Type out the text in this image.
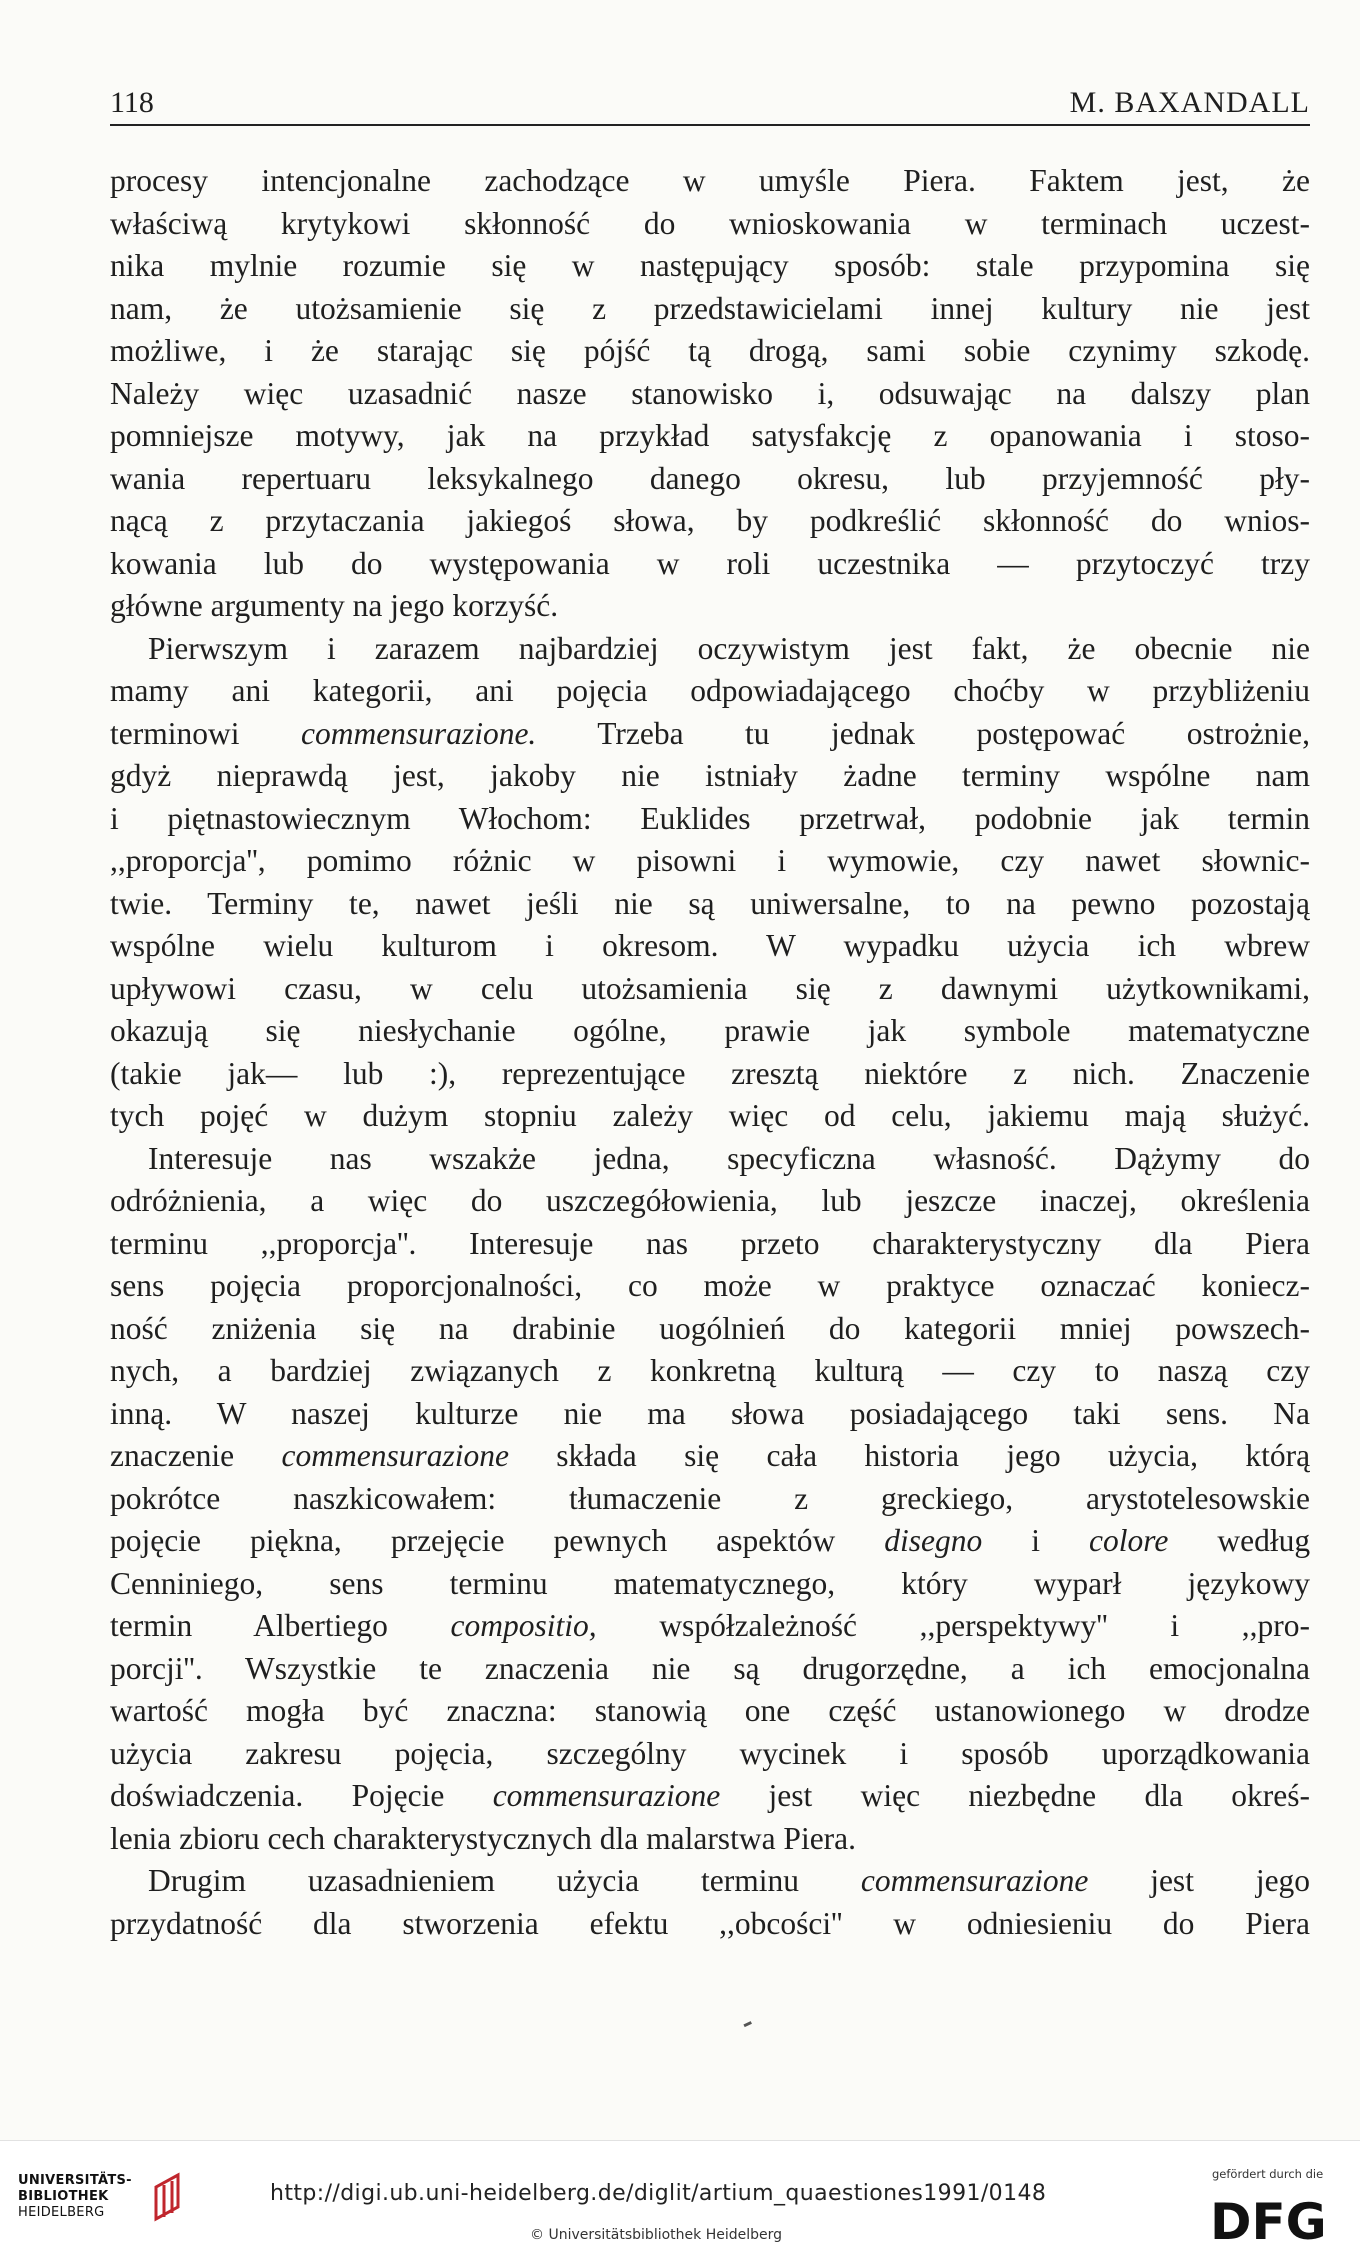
118	M. BAXANDALL
procesy intencjonalne zachodzące w umyśle Piera. Faktem jest, że
właściwą krytykowi skłonność do wnioskowania w terminach uczest-
nika mylnie rozumie się w następujący sposób: stale przypomina się
nam, że utożsamienie się z przedstawicielami innej kultury nie jest
możliwe, i że starając się pójść tą drogą, sami sobie czynimy szkodę.
Należy więc uzasadnić nasze stanowisko i, odsuwając na dalszy plan
pomniejsze motywy, jak na przykład satysfakcję z opanowania i stoso-
wania repertuaru leksykalnego danego okresu, lub przyjemność pły-
nącą z przytaczania jakiegoś słowa, by podkreślić skłonność do wnios-
kowania lub do występowania w roli uczestnika — przytoczyć trzy
główne argumenty na jego korzyść.
Pierwszym i zarazem najbardziej oczywistym jest fakt, że obecnie nie
mamy ani kategorii, ani pojęcia odpowiadającego choćby w przybliżeniu
terminowi commensurazione. Trzeba tu jednak postępować ostrożnie,
gdyż nieprawdą jest, jakoby nie istniały żadne terminy wspólne nam
i piętnastowiecznym Włochom: Euklides przetrwał, podobnie jak termin
,,proporcja'', pomimo różnic w pisowni i wymowie, czy nawet słownic-
twie. Terminy te, nawet jeśli nie są uniwersalne, to na pewno pozostają
wspólne wielu kulturom i okresom. W wypadku użycia ich wbrew
upływowi czasu, w celu utożsamienia się z dawnymi użytkownikami,
okazują się niesłychanie ogólne, prawie jak symbole matematyczne
(takie jak— lub :), reprezentujące zresztą niektóre z nich. Znaczenie
tych pojęć w dużym stopniu zależy więc od celu, jakiemu mają służyć.
Interesuje nas wszakże jedna, specyficzna własność. Dążymy do
odróżnienia, a więc do uszczegółowienia, lub jeszcze inaczej, określenia
terminu ,,proporcja''. Interesuje nas przeto charakterystyczny dla Piera
sens pojęcia proporcjonalności, co może w praktyce oznaczać koniecz-
ność zniżenia się na drabinie uogólnień do kategorii mniej powszech-
nych, a bardziej związanych z konkretną kulturą — czy to naszą czy
inną. W naszej kulturze nie ma słowa posiadającego taki sens. Na
znaczenie commensurazione składa się cała historia jego użycia, którą
pokrótce naszkicowałem: tłumaczenie z greckiego, arystotelesowskie
pojęcie piękna, przejęcie pewnych aspektów disegno i colore według
Cenniniego, sens terminu matematycznego, który wyparł językowy
termin Albertiego compositio, współzależność ,,perspektywy'' i ,,pro-
porcji''. Wszystkie te znaczenia nie są drugorzędne, a ich emocjonalna
wartość mogła być znaczna: stanowią one część ustanowionego w drodze
użycia zakresu pojęcia, szczególny wycinek i sposób uporządkowania
doświadczenia. Pojęcie commensurazione jest więc niezbędne dla okreś-
lenia zbioru cech charakterystycznych dla malarstwa Piera.
Drugim uzasadnieniem użycia terminu commensurazione jest jego
przydatność dla stworzenia efektu ,,obcości'' w odniesieniu do Piera
UNIVERSITÄTS-
BIBLIOTHEK
HEIDELBERG
http://digi.ub.uni-heidelberg.de/diglit/artium_quaestiones1991/0148
© Universitätsbibliothek Heidelberg
gefördert durch die
DFG
